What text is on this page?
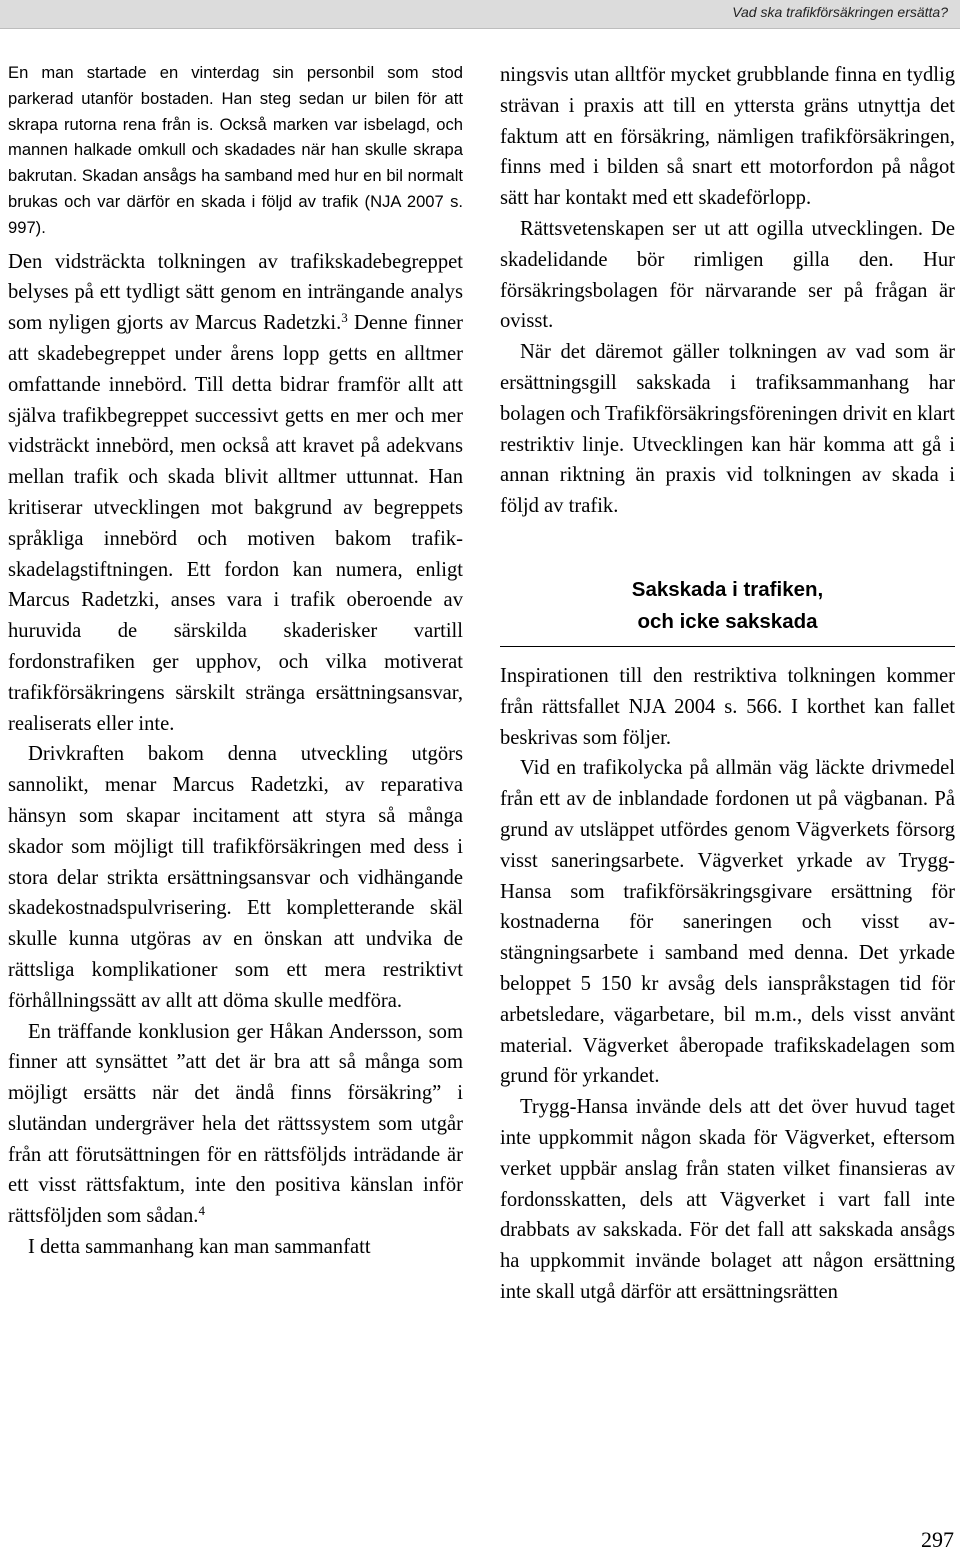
Vad ska trafikförsäkringen ersätta?

En man startade en vinterdag sin personbil som stod parkerad utanför bostaden. Han steg sedan ur bilen för att skrapa rutorna rena från is. Också marken var isbelagd, och mannen halkade omkull och skadades när han skulle skrapa bakrutan. Skadan ansågs ha samband med hur en bil normalt brukas och var därför en skada i följd av trafik (NJA 2007 s. 997).

Den vidsträckta tolkningen av trafikskadebegreppet belyses på ett tydligt sätt genom en inträngande analys som nyligen gjorts av Marcus Radetzki.$^3$ Denne finner att skadebegreppet under årens lopp getts en alltmer omfattande innebörd. Till detta bidrar framför allt att själva trafikbegreppet successivt getts en mer och mer vidsträckt innebörd, men också att kravet på adekvans mellan trafik och skada blivit alltmer uttunnat. Han kritiserar utvecklingen mot bakgrund av begreppets språkliga innebörd och motiven bakom trafikskadelagstiftningen. Ett fordon kan numera, enligt Marcus Radetzki, anses vara i trafik oberoende av huruvida de särskilda skaderisker vartill fordonstrafiken ger upphov, och vilka motiverat trafikförsäkringens särskilt stränga ersättningsansvar, realiserats eller inte.

Drivkraften bakom denna utveckling utgörs sannolikt, menar Marcus Radetzki, av reparativa hänsyn som skapar incitament att styra så många skador som möjligt till trafikförsäkringen med dess i stora delar strikta ersättningsansvar och vidhängande skadekostnadspulvrisering. Ett kompletterande skäl skulle kunna utgöras av en önskan att undvika de rättsliga komplikationer som ett mera restriktivt förhållningssätt av allt att döma skulle medföra.

En träffande konklusion ger Håkan Andersson, som finner att synsättet ”att det är bra att så många som möjligt ersätts när det ändå finns försäkring” i slutändan undergräver hela det rättssystem som utgår från att förutsättningen för en rättsföljds inträdande är ett visst rättsfaktum, inte den positiva känslan inför rättsföljden som sådan.$^4$

I detta sammanhang kan man sammanfatt

ningsvis utan alltför mycket grubblande finna en tydlig strävan i praxis att till en yttersta gräns utnyttja det faktum att en försäkring, nämligen trafikförsäkringen, finns med i bilden så snart ett motorfordon på något sätt har kontakt med ett skadeförlopp.

Rättsvetenskapen ser ut att ogilla utvecklingen. De skadelidande bör rimligen gilla den. Hur försäkringsbolagen för närvarande ser på frågan är ovisst.

När det däremot gäller tolkningen av vad som är ersättningsgill sakskada i trafiksammanhang har bolagen och Trafikförsäkringsföreningen drivit en klart restriktiv linje. Utvecklingen kan här komma att gå i annan riktning än praxis vid tolkningen av skada i följd av trafik.

Sakskada i trafiken,
och icke sakskada

Inspirationen till den restriktiva tolkningen kommer från rättsfallet NJA 2004 s. 566. I korthet kan fallet beskrivas som följer.

Vid en trafikolycka på allmän väg läckte drivmedel från ett av de inblandade fordonen ut på vägbanan. På grund av utsläppet utfördes genom Vägverkets försorg visst saneringsarbete. Vägverket yrkade av Trygg-Hansa som trafikförsäkringsgivare ersättning för kostnaderna för saneringen och visst avstängningsarbete i samband med denna. Det yrkade beloppet 5 150 kr avsåg dels ianspråkstagen tid för arbetsledare, vägarbetare, bil m.m., dels visst använt material. Vägverket åberopade trafikskadelagen som grund för yrkandet.

Trygg-Hansa invände dels att det över huvud taget inte uppkommit någon skada för Vägverket, eftersom verket uppbär anslag från staten vilket finansieras av fordonsskatten, dels att Vägverket i vart fall inte drabbats av sakskada. För det fall att sakskada ansågs ha uppkommit invände bolaget att någon ersättning inte skall utgå därför att ersättningsrätten

297
